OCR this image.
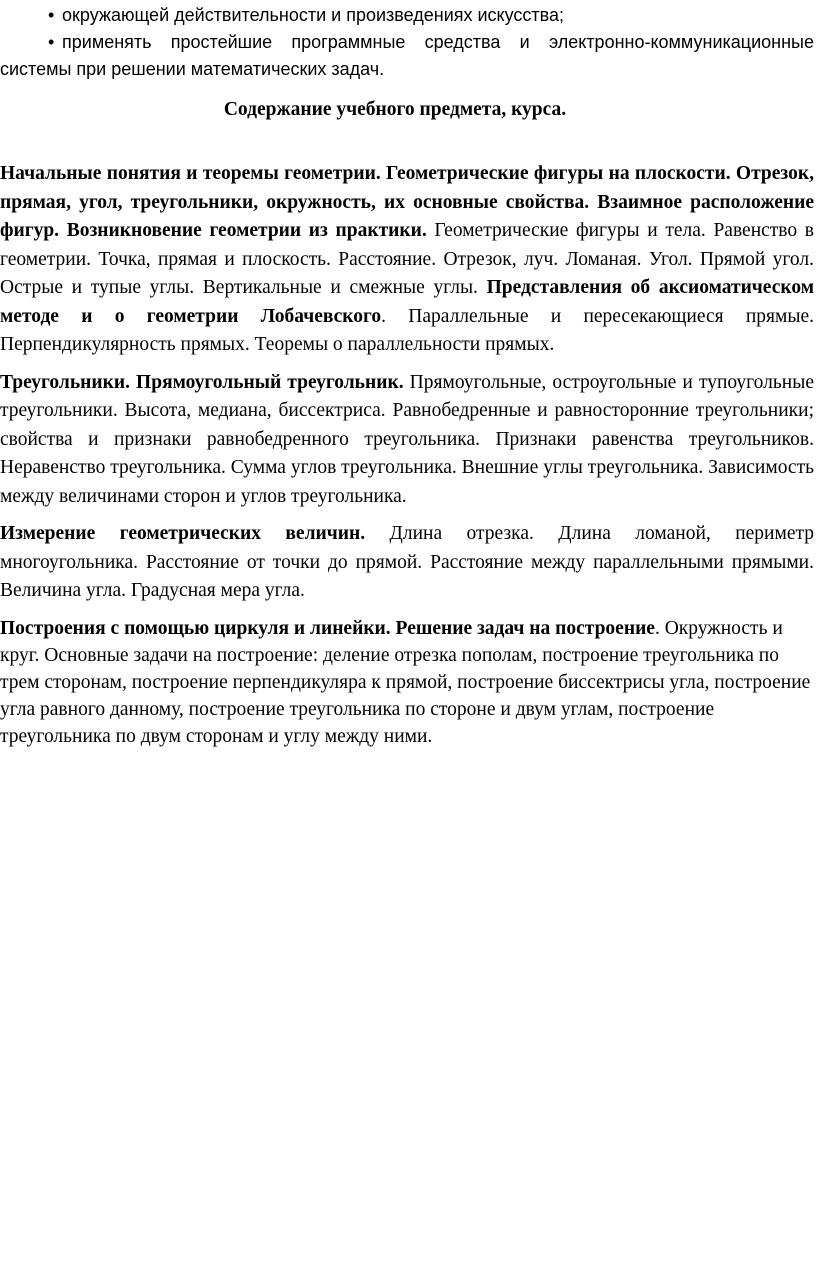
• окружающей действительности и произведениях искусства;
• применять простейшие программные средства и электронно-коммуникационные системы при решении математических задач.
Содержание учебного предмета, курса.

Начальные понятия и теоремы геометрии. Геометрические фигуры на плоскости. Отрезок, прямая, угол, треугольники, окружность, их основные свойства. Взаимное расположение фигур. Возникновение геометрии из практики. Геометрические фигуры и тела. Равенство в геометрии. Точка, прямая и плоскость. Расстояние. Отрезок, луч. Ломаная. Угол. Прямой угол. Острые и тупые углы. Вертикальные и смежные углы. Представления об аксиоматическом методе и о геометрии Лобачевского. Параллельные и пересекающиеся прямые. Перпендикулярность прямых. Теоремы о параллельности прямых.

Треугольники. Прямоугольный треугольник. Прямоугольные, остроугольные и тупоугольные треугольники. Высота, медиана, биссектриса. Равнобедренные и равносторонние треугольники; свойства и признаки равнобедренного треугольника. Признаки равенства треугольников. Неравенство треугольника. Сумма углов треугольника. Внешние углы треугольника. Зависимость между величинами сторон и углов треугольника.

Измерение геометрических величин. Длина отрезка. Длина ломаной, периметр многоугольника. Расстояние от точки до прямой. Расстояние между параллельными прямыми. Величина угла. Градусная мера угла.

Построения с помощью циркуля и линейки. Решение задач на построение. Окружность и круг. Основные задачи на построение: деление отрезка пополам, построение треугольника по трем сторонам, построение перпендикуляра к прямой, построение биссектрисы угла, построение угла равного данному, построение треугольника по стороне и двум углам, построение треугольника по двум сторонам и углу между ними.
